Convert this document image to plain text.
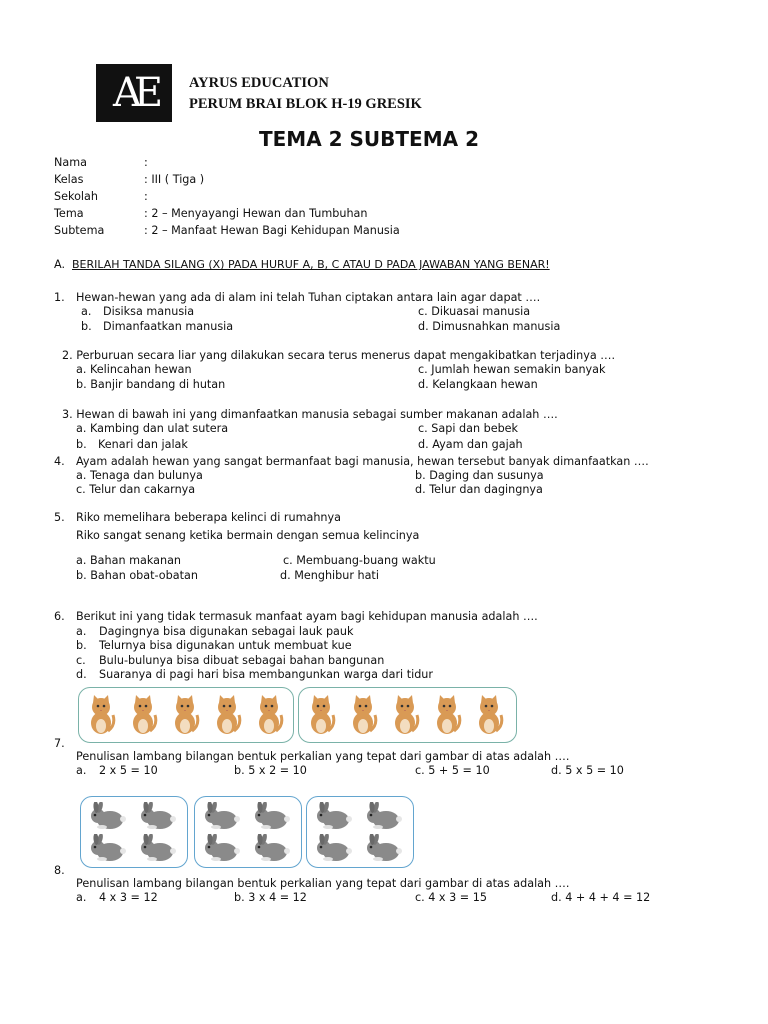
AE	AYRUS EDUCATION
PERUM BRAI BLOK H-19 GRESIK
TEMA 2 SUBTEMA 2
Nama	:
Kelas	: III ( Tiga )
Sekolah	:
Tema	: 2 – Menyayangi Hewan dan Tumbuhan
Subtema	: 2 – Manfaat Hewan Bagi Kehidupan Manusia
A. BERILAH TANDA SILANG (X) PADA HURUF A, B, C ATAU D PADA JAWABAN YANG BENAR!
1. Hewan-hewan yang ada di alam ini telah Tuhan ciptakan antara lain agar dapat ….
a. Disiksa manusia
b. Dimanfaatkan manusia
c. Dikuasai manusia
d. Dimusnahkan manusia
2. Perburuan secara liar yang dilakukan secara terus menerus dapat mengakibatkan terjadinya ….
a. Kelincahan hewan
b. Banjir bandang di hutan
c. Jumlah hewan semakin banyak
d. Kelangkaan hewan
3. Hewan di bawah ini yang dimanfaatkan manusia sebagai sumber makanan adalah ….
a. Kambing dan ulat sutera
b. Kenari dan jalak
c. Sapi dan bebek
d. Ayam dan gajah
4. Ayam adalah hewan yang sangat bermanfaat bagi manusia, hewan tersebut banyak dimanfaatkan ….
a. Tenaga dan bulunya
c. Telur dan cakarnya
b. Daging dan susunya
d. Telur dan dagingnya
5. Riko memelihara beberapa kelinci di rumahnya
Riko sangat senang ketika bermain dengan semua kelincinya
a. Bahan makanan
b. Bahan obat-obatan
c. Membuang-buang waktu
d. Menghibur hati
6. Berikut ini yang tidak termasuk manfaat ayam bagi kehidupan manusia adalah ….
a. Dagingnya bisa digunakan sebagai lauk pauk
b. Telurnya bisa digunakan untuk membuat kue
c. Bulu-bulunya bisa dibuat sebagai bahan bangunan
d. Suaranya di pagi hari bisa membangunkan warga dari tidur
7.
Penulisan lambang bilangan bentuk perkalian yang tepat dari gambar di atas adalah ….
a. 2 x 5 = 10	b. 5 x 2 = 10	c. 5 + 5 = 10	d. 5 x 5 = 10
8.
Penulisan lambang bilangan bentuk perkalian yang tepat dari gambar di atas adalah ….
a. 4 x 3 = 12	b. 3 x 4 = 12	c. 4 x 3 = 15	d. 4 + 4 + 4 = 12
